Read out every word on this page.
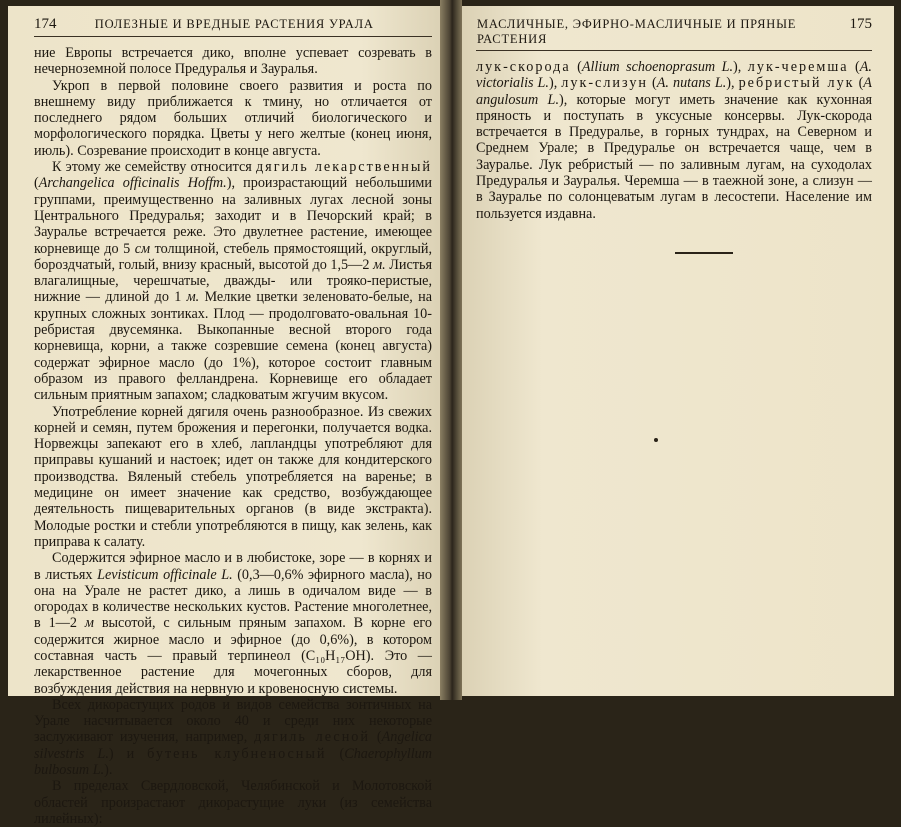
174	ПОЛЕЗНЫЕ И ВРЕДНЫЕ РАСТЕНИЯ УРАЛА

ние Европы встречается дико, вполне успевает созревать в нечерноземной полосе Предуралья и Зауралья.

Укроп в первой половине своего развития и роста по внешнему виду приближается к тмину, но отличается от последнего рядом больших отличий биологического и морфологического порядка. Цветы у него желтые (конец июня, июль). Созревание происходит в конце августа.

К этому же семейству относится дягиль лекарственный (Archangelica officinalis Hoffm.), произрастающий небольшими группами, преимущественно на заливных лугах лесной зоны Центрального Предуралья; заходит и в Печорский край; в Зауралье встречается реже. Это двулетнее растение, имеющее корневище до 5 см толщиной, стебель прямостоящий, округлый, бороздчатый, голый, внизу красный, высотой до 1,5—2 м. Листья влагалищные, черешчатые, дважды- или трояко-перистые, нижние — длиной до 1 м. Мелкие цветки зеленовато-белые, на крупных сложных зонтиках. Плод — продолговато-овальная 10-ребристая двусемянка. Выкопанные весной второго года корневища, корни, а также созревшие семена (конец августа) содержат эфирное масло (до 1%), которое состоит главным образом из правого фелландрена. Корневище его обладает сильным приятным запахом; сладковатым жгучим вкусом.

Употребление корней дягиля очень разнообразное. Из свежих корней и семян, путем брожения и перегонки, получается водка. Норвежцы запекают его в хлеб, лапландцы употребляют для приправы кушаний и настоек; идет он также для кондитерского производства. Вяленый стебель употребляется на варенье; в медицине он имеет значение как средство, возбуждающее деятельность пищеварительных органов (в виде экстракта). Молодые ростки и стебли употребляются в пищу, как зелень, как приправа к салату.

Содержится эфирное масло и в любистоке, зоре — в корнях и в листьях Levisticum officinale L. (0,3—0,6% эфирного масла), но она на Урале не растет дико, а лишь в одичалом виде — в огородах в количестве нескольких кустов. Растение многолетнее, в 1—2 м высотой, с сильным пряным запахом. В корне его содержится жирное масло и эфирное (до 0,6%), в котором составная часть — правый терпинеол (C₁₀H₁₇OH). Это — лекарственное растение для мочегонных сборов, для возбуждения действия на нервную и кровеносную системы.

Всех дикорастущих родов и видов семейства зонтичных на Урале насчитывается около 40 и среди них некоторые заслуживают изучения, например, дягиль лесной (Angelica silvestris L.) и бутень клубненосный (Chaerophyllum bulbosum L.).

В пределах Свердловской, Челябинской и Молотовской областей произрастают дикорастущие луки (из семейства лилейных):

МАСЛИЧНЫЕ, ЭФИРНО-МАСЛИЧНЫЕ И ПРЯНЫЕ РАСТЕНИЯ
175

лук-скорода (Allium schoenoprasum L.), лук-черемша (A. victorialis L.), лук-слизун (A. nutans L.), ребристый лук (A angulosum L.), которые могут иметь значение как кухонная пряность и поступать в уксусные консервы. Лук-скорода встречается в Предуралье, в горных тундрах, на Северном и Среднем Урале; в Предуралье он встречается чаще, чем в Зауралье. Лук ребристый — по заливным лугам, на суходолах Предуралья и Зауралья. Черемша — в таежной зоне, а слизун — в Зауралье по солонцеватым лугам в лесостепи. Население им пользуется издавна.
